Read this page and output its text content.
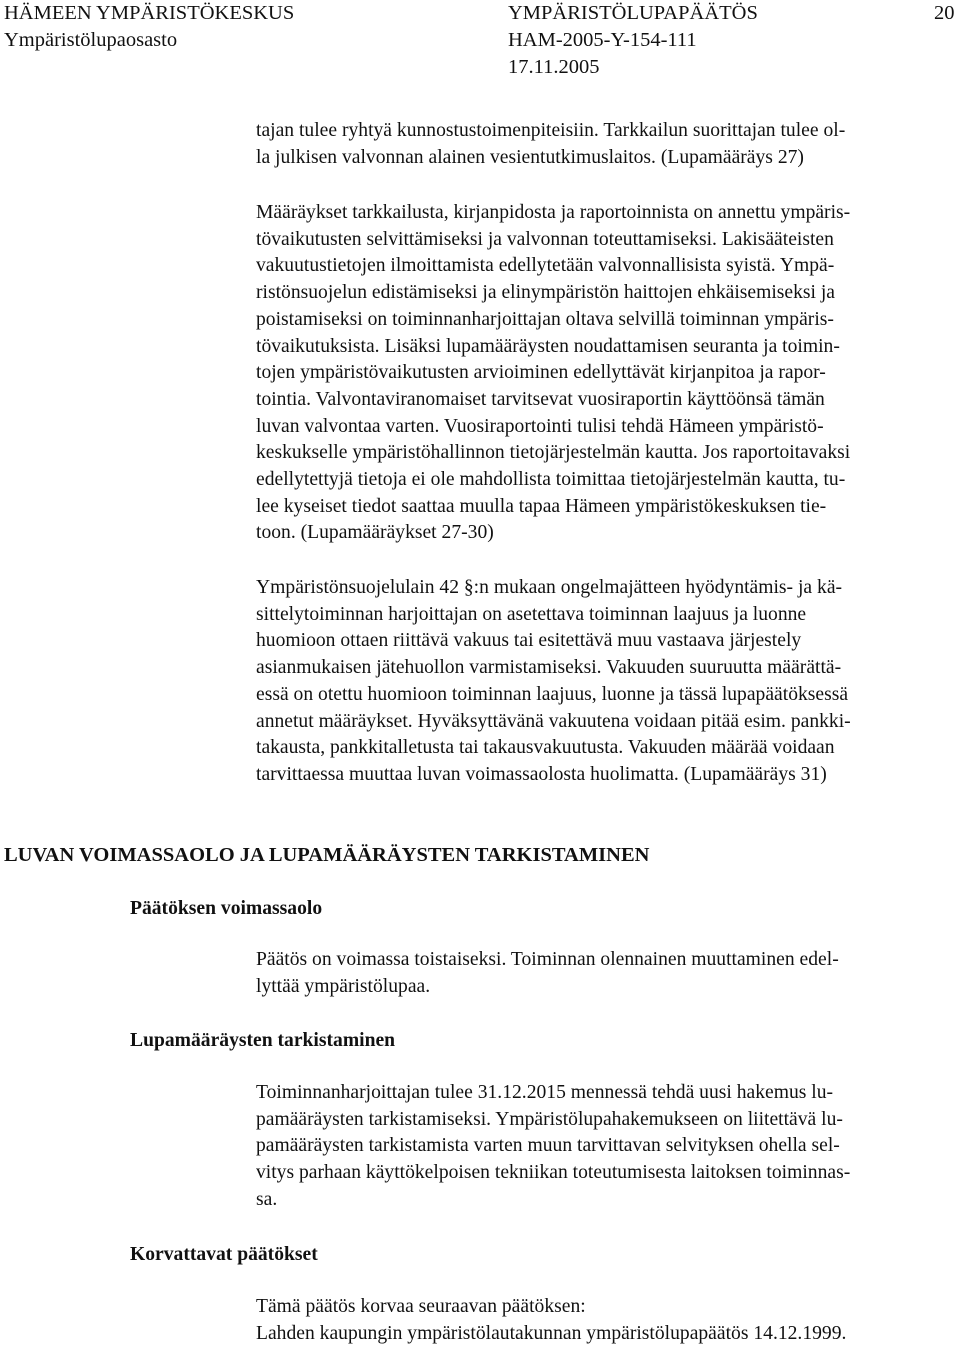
HÄMEEN YMPÄRISTÖKESKUS
Ympäristölupaosasto
YMPÄRISTÖLUPAPÄÄTÖS
HAM-2005-Y-154-111
17.11.2005
20
tajan tulee ryhtyä kunnostustoimenpiteisiin. Tarkkailun suorittajan tulee ol-
la julkisen valvonnan alainen vesientutkimuslaitos. (Lupamääräys 27)
Määräykset tarkkailusta, kirjanpidosta ja raportoinnista on annettu ympäris-
tövaikutusten selvittämiseksi ja valvonnan toteuttamiseksi. Lakisääteisten
vakuutustietojen ilmoittamista edellytetään valvonnallisista syistä. Ympä-
ristönsuojelun edistämiseksi ja elinympäristön haittojen ehkäisemiseksi ja
poistamiseksi on toiminnanharjoittajan oltava selvillä toiminnan ympäris-
tövaikutuksista. Lisäksi lupamääräysten noudattamisen seuranta ja toimin-
tojen ympäristövaikutusten arvioiminen edellyttävät kirjanpitoa ja rapor-
tointia. Valvontaviranomaiset tarvitsevat vuosiraportin käyttöönsä tämän
luvan valvontaa varten. Vuosiraportointi tulisi tehdä Hämeen ympäristö-
keskukselle ympäristöhallinnon tietojärjestelmän kautta. Jos raportoitavaksi
edellytettyjä tietoja ei ole mahdollista toimittaa tietojärjestelmän kautta, tu-
lee kyseiset tiedot saattaa muulla tapaa Hämeen ympäristökeskuksen tie-
toon. (Lupamääräykset 27-30)
Ympäristönsuojelulain 42 §:n mukaan ongelmajätteen hyödyntämis- ja kä-
sittelytoiminnan harjoittajan on asetettava toiminnan laajuus ja luonne
huomioon ottaen riittävä vakuus tai esitettävä muu vastaava järjestely
asianmukaisen jätehuollon varmistamiseksi. Vakuuden suuruutta määrättä-
essä on otettu huomioon toiminnan laajuus, luonne ja tässä lupapäätöksessä
annetut määräykset. Hyväksyttävänä vakuutena voidaan pitää esim. pankki-
takausta, pankkitalletusta tai takausvakuutusta. Vakuuden määrää voidaan
tarvittaessa muuttaa luvan voimassaolosta huolimatta. (Lupamääräys 31)
LUVAN VOIMASSAOLO JA LUPAMÄÄRÄYSTEN TARKISTAMINEN
Päätöksen voimassaolo
Päätös on voimassa toistaiseksi. Toiminnan olennainen muuttaminen edel-
lyttää ympäristölupaa.
Lupamääräysten tarkistaminen
Toiminnanharjoittajan tulee 31.12.2015 mennessä tehdä uusi hakemus lu-
pamääräysten tarkistamiseksi. Ympäristölupahakemukseen on liitettävä lu-
pamääräysten tarkistamista varten muun tarvittavan selvityksen ohella sel-
vitys parhaan käyttökelpoisen tekniikan toteutumisesta laitoksen toiminnas-
sa.
Korvattavat päätökset
Tämä päätös korvaa seuraavan päätöksen:
Lahden kaupungin ympäristölautakunnan ympäristölupapäätös 14.12.1999.
